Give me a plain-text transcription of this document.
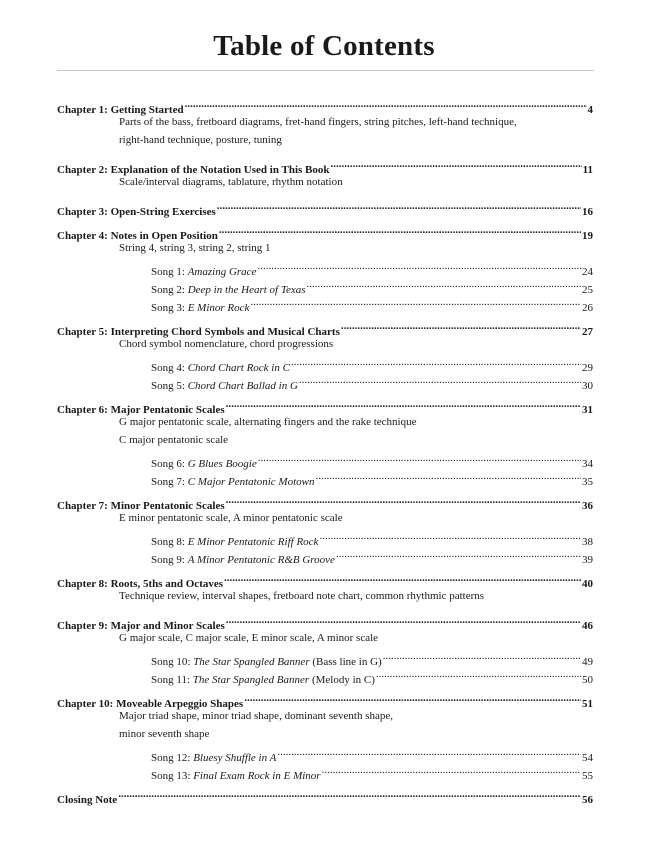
Table of Contents
Chapter 1: Getting Started .....	4
Parts of the bass, fretboard diagrams, fret-hand fingers, string pitches, left-hand technique,
right-hand technique, posture, tuning
Chapter 2: Explanation of the Notation Used in This Book .....	11
Scale/interval diagrams, tablature, rhythm notation
Chapter 3: Open-String Exercises .....	16
Chapter 4: Notes in Open Position .....	19
String 4, string 3, string 2, string 1
Song 1: Amazing Grace .....	24
Song 2: Deep in the Heart of Texas .....	25
Song 3: E Minor Rock .....	26
Chapter 5: Interpreting Chord Symbols and Musical Charts .....	27
Chord symbol nomenclature, chord progressions
Song 4: Chord Chart Rock in C .....	29
Song 5: Chord Chart Ballad in G .....	30
Chapter 6: Major Pentatonic Scales .....	31
G major pentatonic scale, alternating fingers and the rake technique
C major pentatonic scale
Song 6: G Blues Boogie .....	34
Song 7: C Major Pentatonic Motown .....	35
Chapter 7: Minor Pentatonic Scales .....	36
E minor pentatonic scale, A minor pentatonic scale
Song 8: E Minor Pentatonic Riff Rock .....	38
Song 9: A Minor Pentatonic R&B Groove .....	39
Chapter 8: Roots, 5ths and Octaves .....	40
Technique review, interval shapes, fretboard note chart, common rhythmic patterns
Chapter 9: Major and Minor Scales .....	46
G major scale, C major scale, E minor scale, A minor scale
Song 10: The Star Spangled Banner (Bass line in G) .....	49
Song 11: The Star Spangled Banner (Melody in C) .....	50
Chapter 10: Moveable Arpeggio Shapes .....	51
Major triad shape, minor triad shape, dominant seventh shape,
minor seventh shape
Song 12: Bluesy Shuffle in A .....	54
Song 13: Final Exam Rock in E Minor .....	55
Closing Note .....	56
